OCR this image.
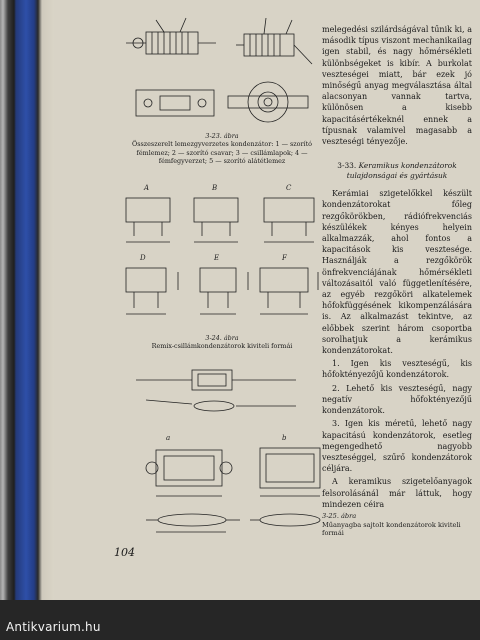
3-23. ábra
Összeszerelt lemezgyverzetes kondenzátor: 1 — szorító fémlemez; 2 — szorító csavar; 3 — csillámlapok; 4 — fémfegyverzet; 5 — szorító alátétlemez
A	B	C
D	E	F
3-24. ábra
Remix-csillámkondenzátorok kiviteli formái
a	b

melegedési szilárdságával tűnik ki, a második típus viszont mechanikailag igen stabil, és nagy hőmérsékleti különbségeket is kibír. A burkolat veszteségei miatt, bár ezek jó minőségű anyag megválasztása által alacsonyan vannak tartva, különösen a kisebb kapacitásértékeknél ennek a típusnak valamivel magasabb a veszteségi tényezője.

3-33. Keramikus kondenzátorok tulajdonságai és gyártásuk

Kerámiai szigetelőkkel készült kondenzátorokat főleg rezgőkörökben, rádiófrekvenciás készülékek kényes helyein alkalmazzák, ahol fontos a kapacitások kis vesztesége. Használják a rezgőkörök önfrekvenciájának hőmérsékleti változásaitól való függetlenítésére, az egyéb rezgőköri alkatelemek hőfokfüggésének kikompenzálására is. Az alkalmazást tekintve, az előbbek szerint három csoportba sorolhatjuk a kerámikus kondenzátorokat.

1. Igen kis veszteségű, kis hőfoktényezőjű kondenzátorok.

2. Lehető kis veszteségű, nagy negatív hőfoktényezőjű kondenzátorok.

3. Igen kis méretű, lehető nagy kapacitású kondenzátorok, esetleg megengedhető nagyobb veszteséggel, szűrő kondenzátorok céljára.

A keramikus szigetelőanyagok felsorolásánál már láttuk, hogy mindezen céira

3-25. ábra
Műanyagba sajtolt kondenzátorok kiviteli formái
104
Antikvarium.hu
